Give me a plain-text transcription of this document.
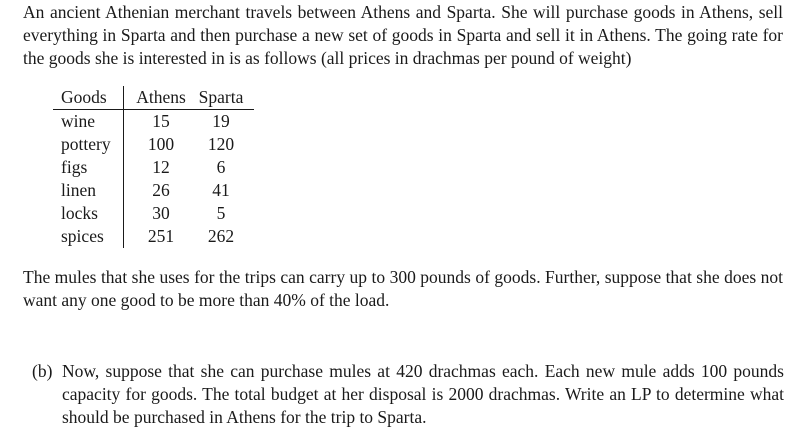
An ancient Athenian merchant travels between Athens and Sparta. She will purchase goods in Athens, sell everything in Sparta and then purchase a new set of goods in Sparta and sell it in Athens. The going rate for the goods she is interested in is as follows (all prices in drachmas per pound of weight)

Goods	Athens	Sparta
wine	15	19
pottery	100	120
figs	12	6
linen	26	41
locks	30	5
spices	251	262

The mules that she uses for the trips can carry up to 300 pounds of goods. Further, suppose that she does not want any one good to be more than 40% of the load.

(b) Now, suppose that she can purchase mules at 420 drachmas each. Each new mule adds 100 pounds capacity for goods. The total budget at her disposal is 2000 drachmas. Write an LP to determine what should be purchased in Athens for the trip to Sparta.
